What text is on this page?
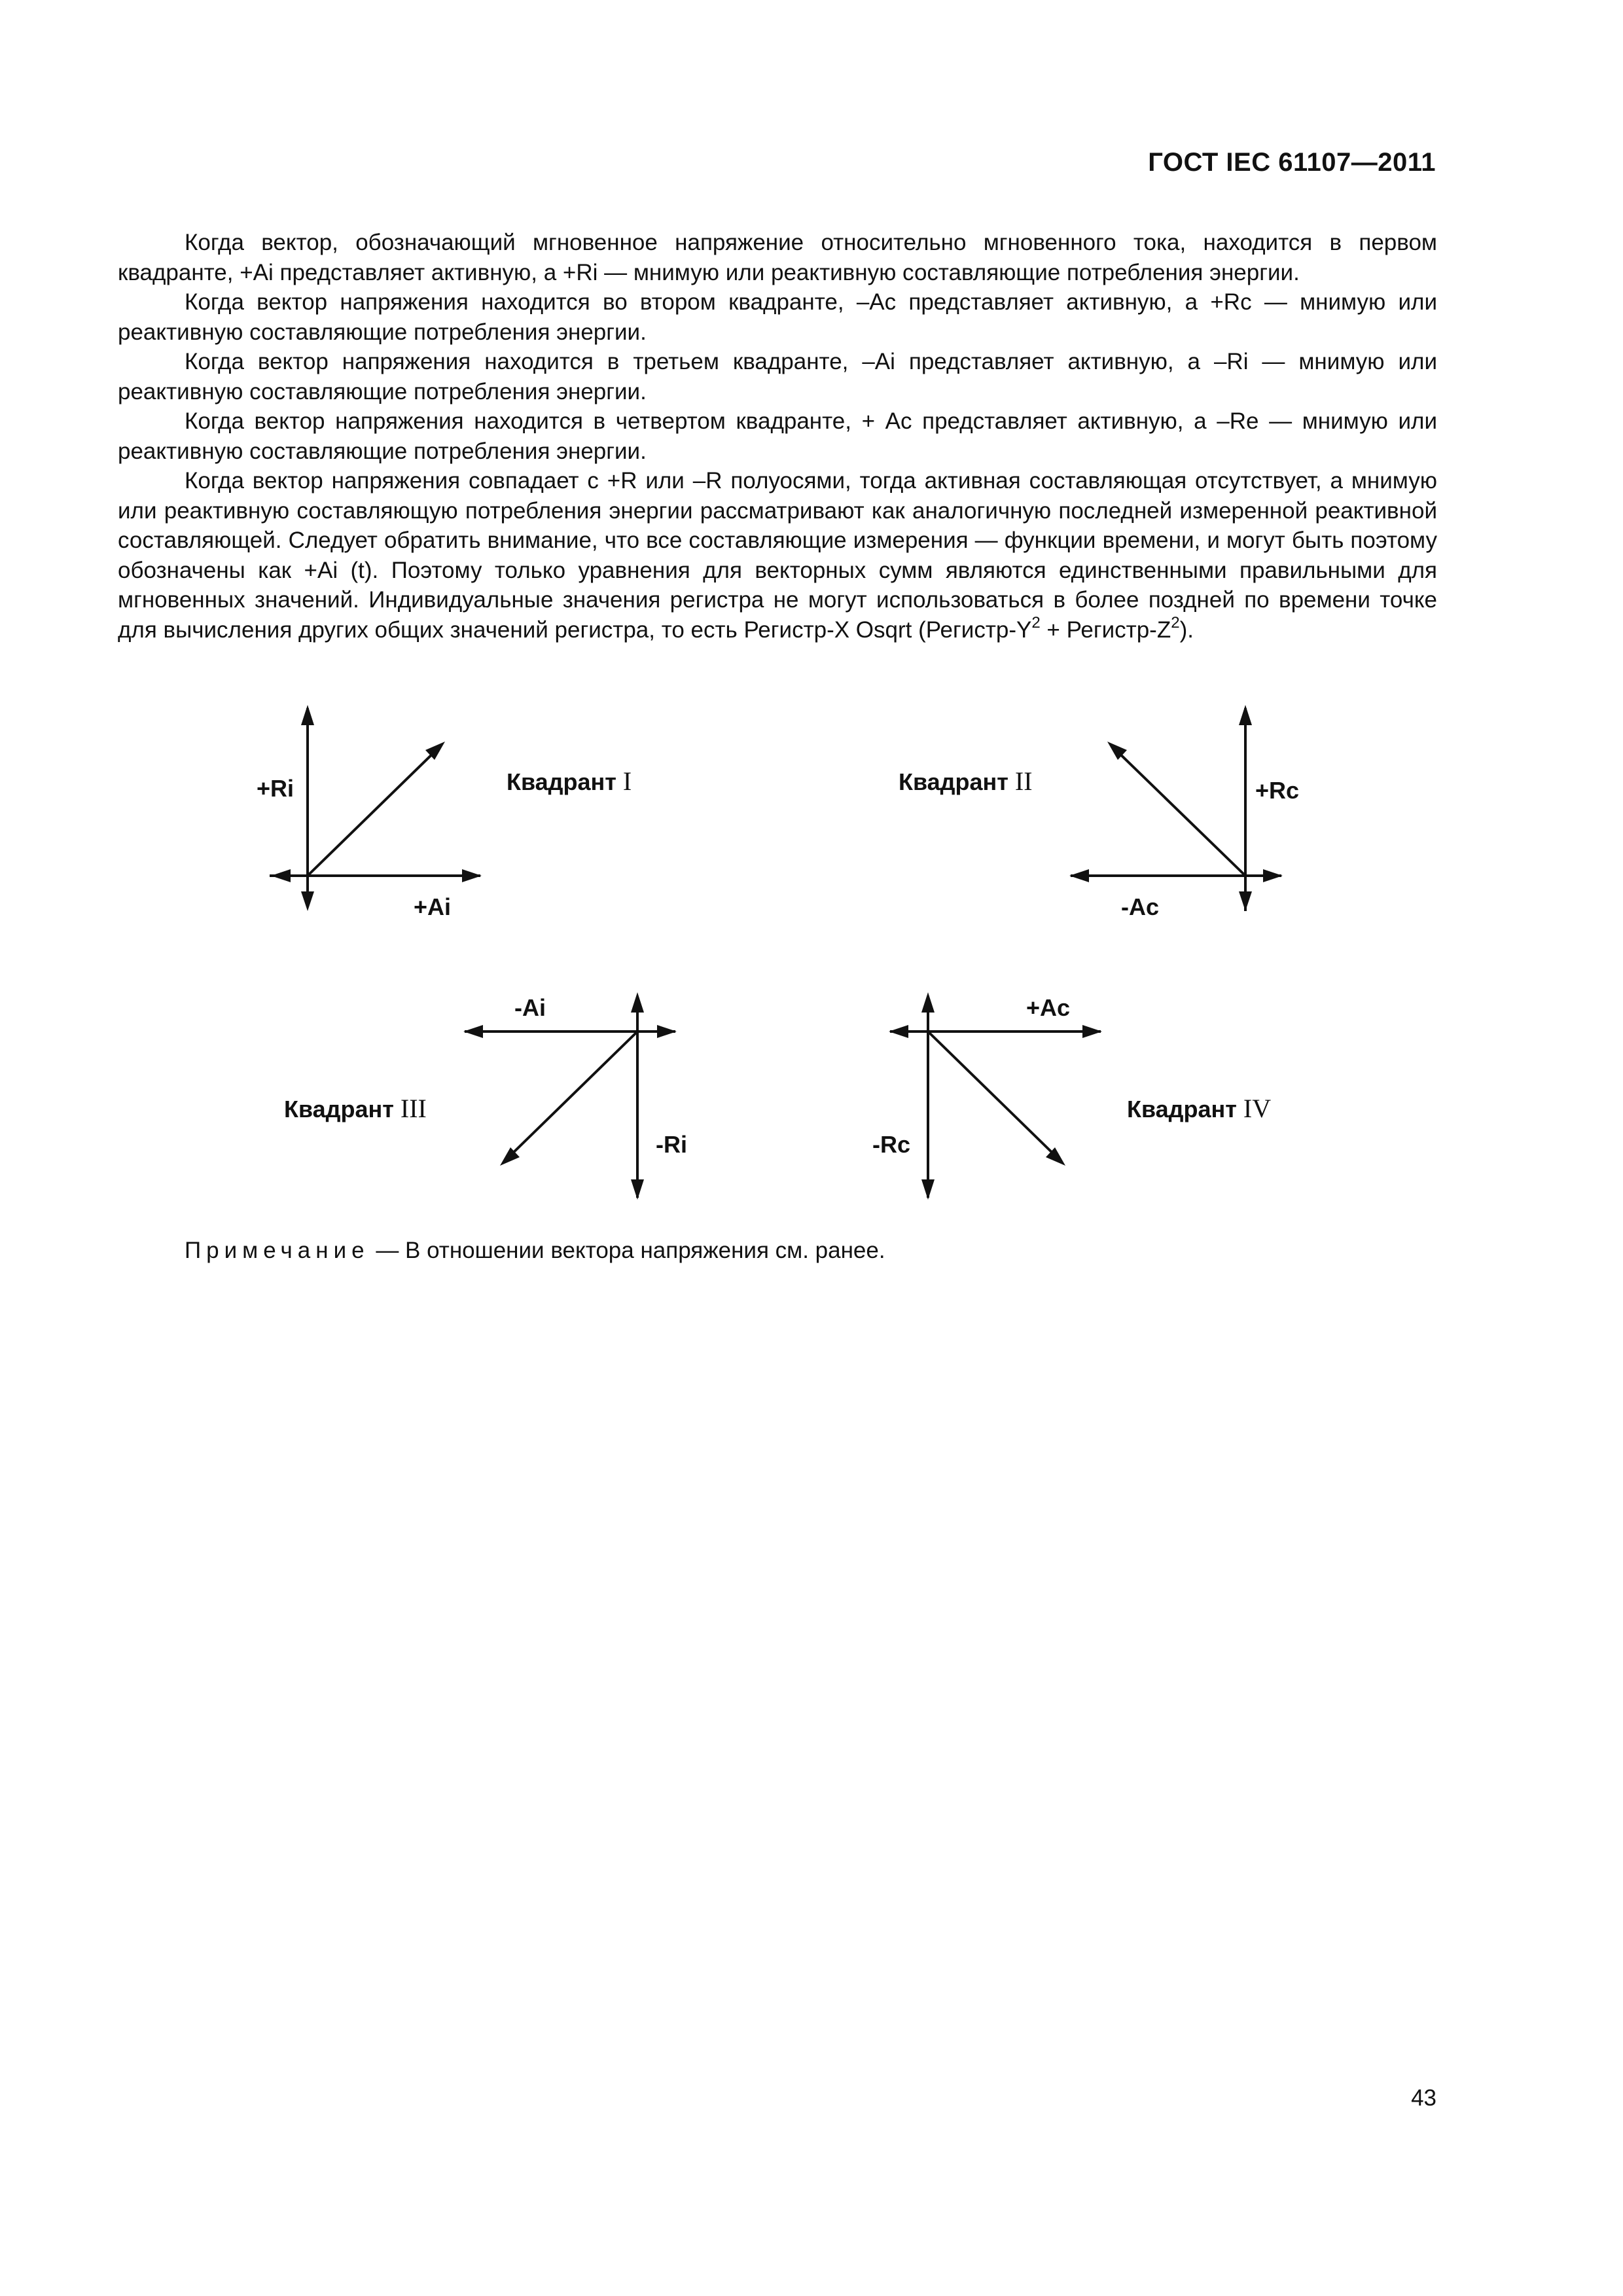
ГОСТ IEC 61107—2011

Когда вектор, обозначающий мгновенное напряжение относительно мгновенного тока, находится в первом квадранте, +Ai представляет активную, а +Ri — мнимую или реактивную составляющие потребления энергии.

Когда вектор напряжения находится во втором квадранте, –Ac представляет активную, а +Rc — мнимую или реактивную составляющие потребления энергии.

Когда вектор напряжения находится в третьем квадранте, –Ai представляет активную, а –Ri — мнимую или реактивную составляющие потребления энергии.

Когда вектор напряжения находится в четвертом квадранте, + Ac представляет активную, а –Re — мнимую или реактивную составляющие потребления энергии.

Когда вектор напряжения совпадает с +R или –R полуосями, тогда активная составляющая отсутствует, а мнимую или реактивную составляющую потребления энергии рассматривают как аналогичную последней измеренной реактивной составляющей. Следует обратить внимание, что все составляющие измерения — функции времени, и могут быть поэтому обозначены как +Ai (t). Поэтому только уравнения для векторных сумм являются единственными правильными для мгновенных значений. Индивидуальные значения регистра не могут использоваться в более поздней по времени точке для вычисления других общих значений регистра, то есть Регистр-X Osqrt ($Регистр-Y^2$ + Регистр-$Z^2$).

+Ri
+Ai
Квадрант I	+Rc
-Ac
Квадрант II
-Ai
-Ri
Квадрант III
+Ac
-Rc
Квадрант IV
Примечание — В отношении вектора напряжения см. ранее.
43
